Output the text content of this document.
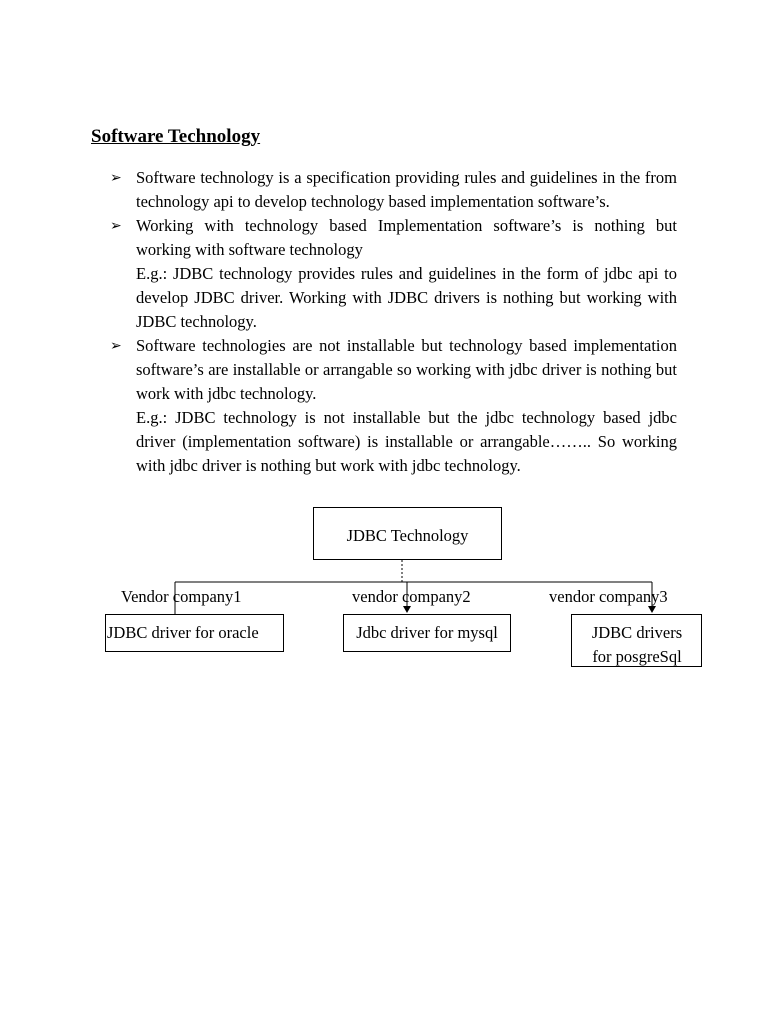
Software Technology
➢ Software technology is a specification providing rules and guidelines in the from technology api to develop technology based implementation software’s.

➢ Working with technology based Implementation software’s is nothing but working with software technology

E.g.: JDBC technology provides rules and guidelines in the form of jdbc api to develop JDBC driver. Working with JDBC drivers is nothing but working with JDBC technology.

➢ Software technologies are not installable but technology based implementation software’s are installable or arrangable so working with jdbc driver is nothing but work with jdbc technology.

E.g.: JDBC technology is not installable but the jdbc technology based jdbc driver (implementation software) is installable or arrangable…….. So working with jdbc driver is nothing but work with jdbc technology.

JDBC Technology
Vendor company1	vendor company2	vendor company3
JDBC driver for oracle	Jdbc driver for mysql	JDBC drivers
for posgreSql
